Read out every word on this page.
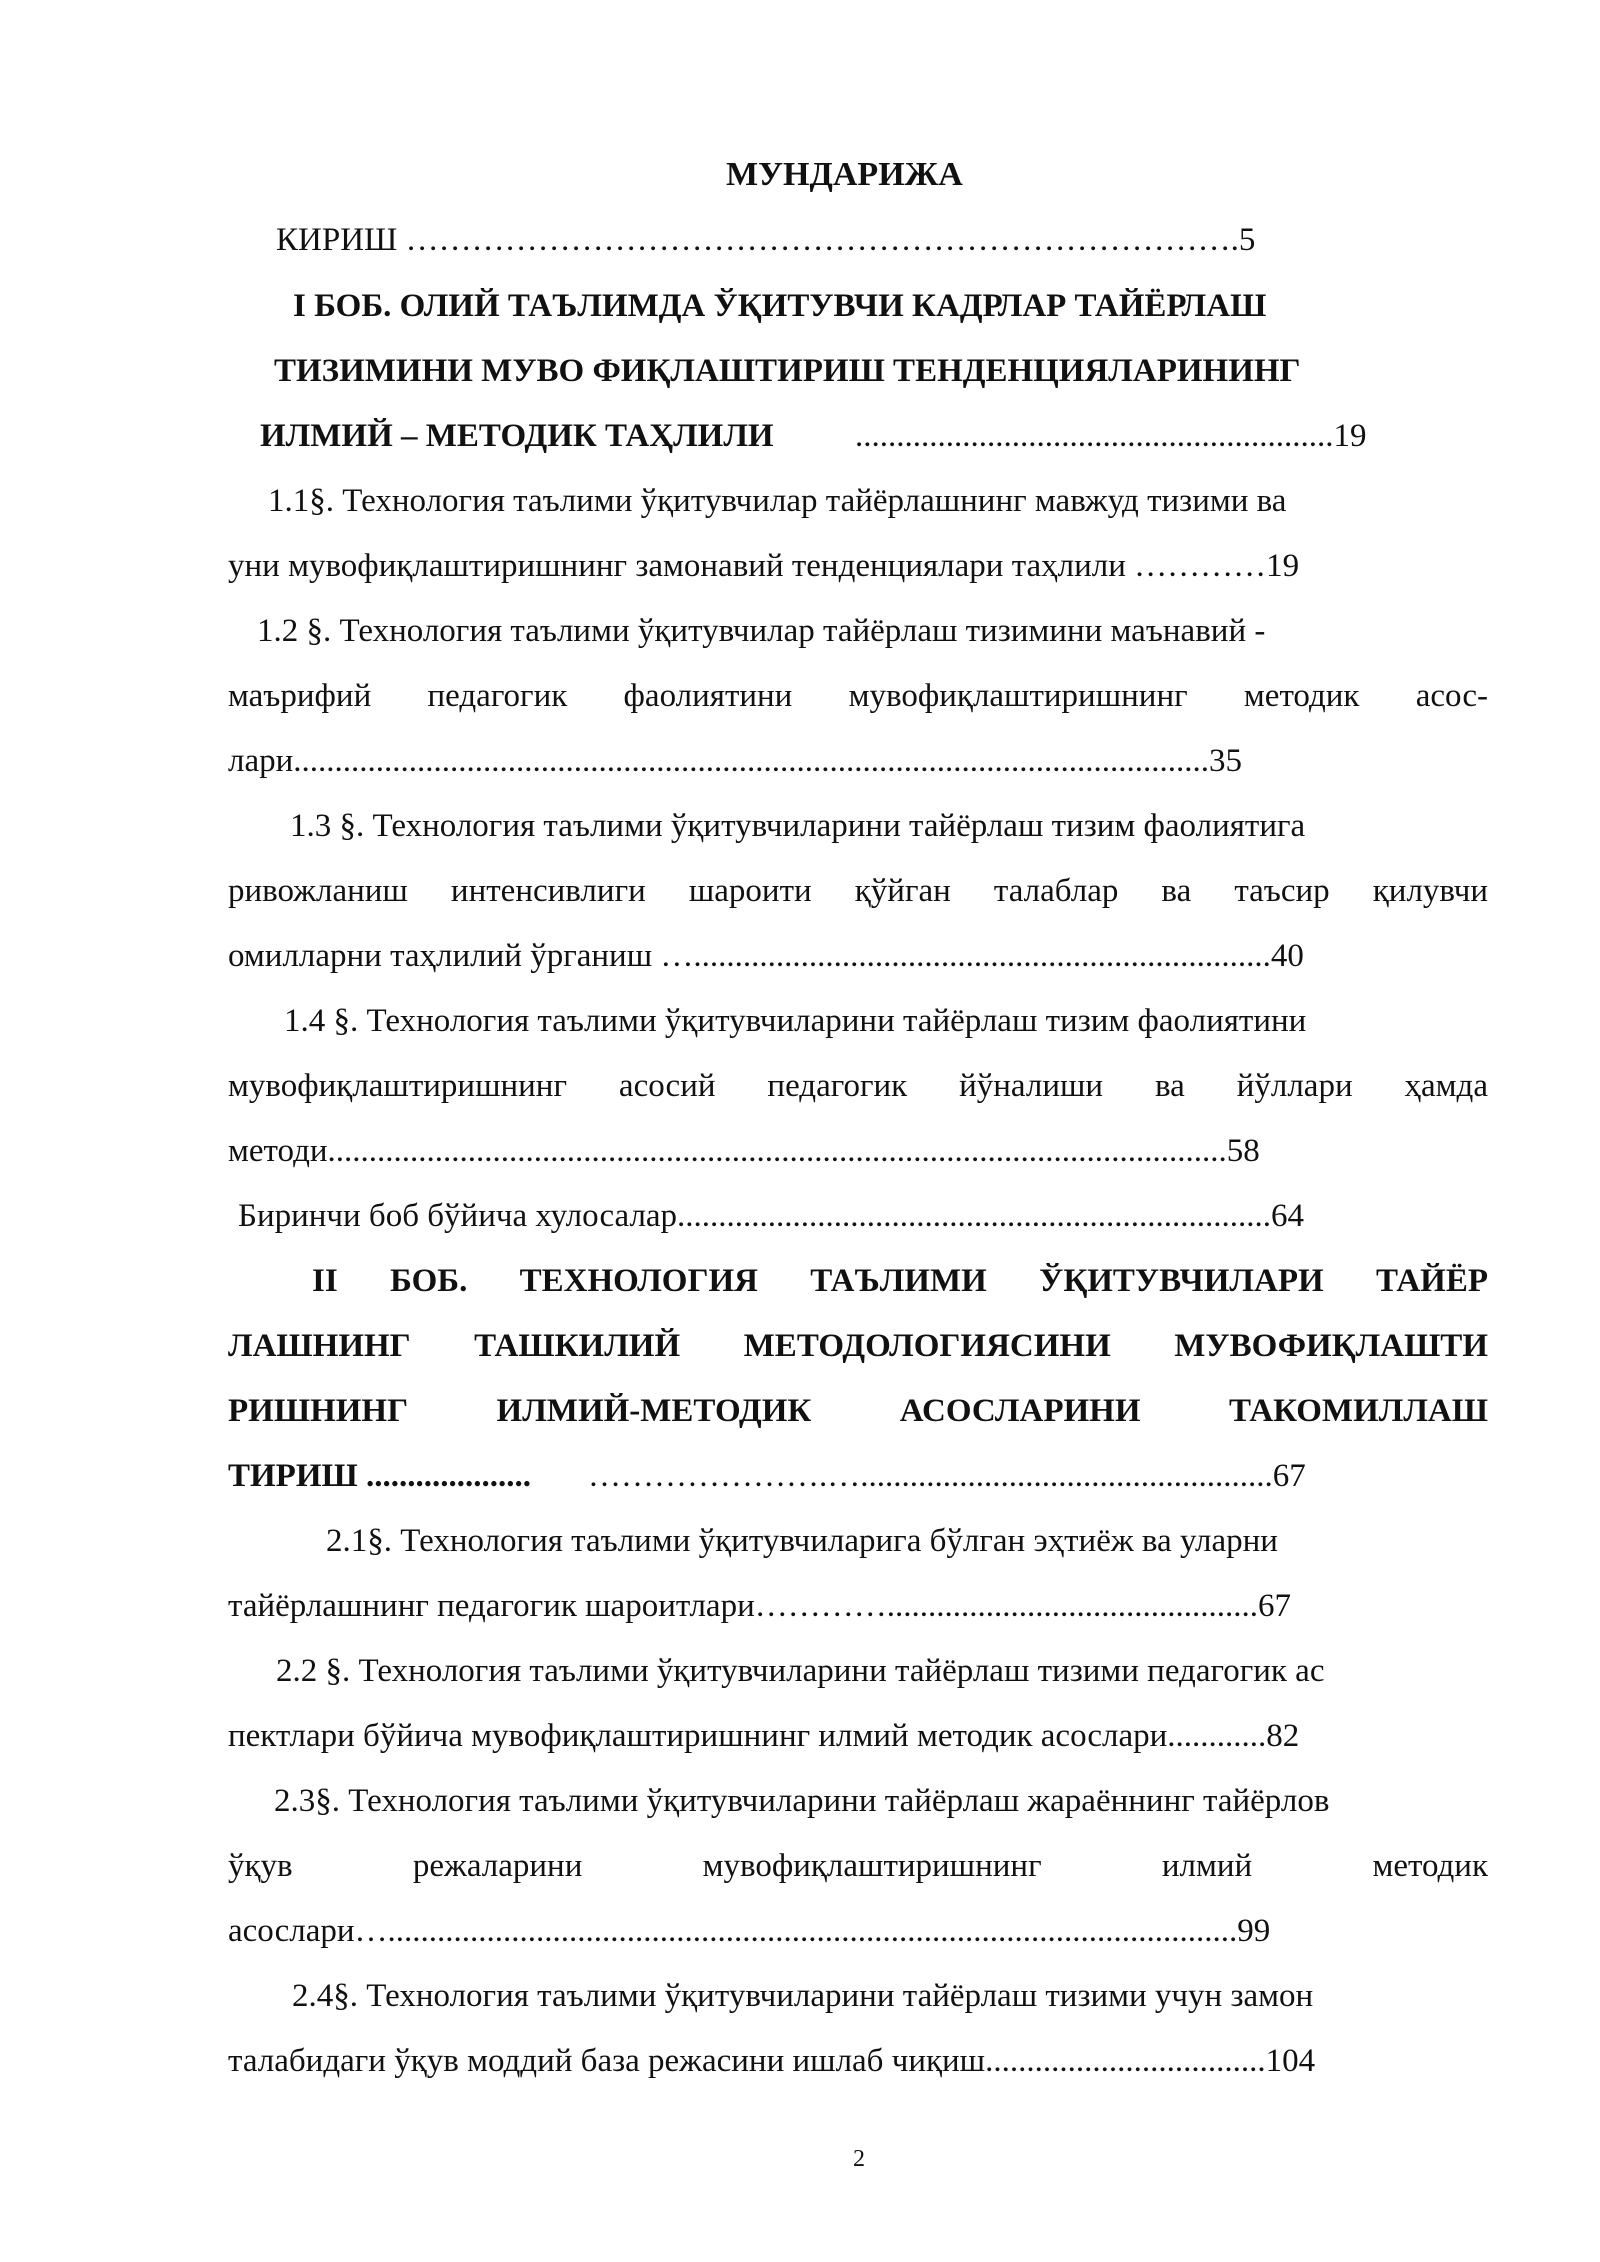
МУНДАРИЖА
КИРИШ ………………………………………………………………….5
I БОБ. ОЛИЙ ТАЪЛИМДА ЎҚИТУВЧИ КАДРЛАР ТАЙЁРЛАШ
ТИЗИМИНИ МУВО ФИҚЛАШТИРИШ ТЕНДЕНЦИЯЛАРИНИНГ
ИЛМИЙ – МЕТОДИК ТАҲЛИЛИ ..........................................................19
1.1§. Технология таълими ўқитувчилар тайёрлашнинг мавжуд тизими ва
уни мувофиқлаштиришнинг замонавий тенденциялари таҳлили …………19
1.2 §. Технология таълими ўқитувчилар тайёрлаш тизимини маънавий -
маърифий педагогик фаолиятини мувофиқлаштиришнинг методик асос-
лари...............................................................................................................35
1.3 §. Технология таълими ўқитувчиларини тайёрлаш тизим фаолиятига
ривожланиш интенсивлиги шароити қўйган талаблар ва таъсир қилувчи
омилларни таҳлилий ўрганиш …......................................................................40
1.4 §. Технология таълими ўқитувчиларини тайёрлаш тизим фаолиятини
мувофиқлаштиришнинг асосий педагогик йўналиши ва йўллари ҳамда
методи.............................................................................................................58
Биринчи боб бўйича хулосалар........................................................................64
II БОБ. ТЕХНОЛОГИЯ ТАЪЛИМИ ЎҚИТУВЧИЛАРИ ТАЙЁР
ЛАШНИНГ ТАШКИЛИЙ МЕТОДОЛОГИЯСИНИ МУВОФИҚЛАШТИ
РИШНИНГ ИЛМИЙ-МЕТОДИК АСОСЛАРИНИ ТАКОМИЛЛАШ
ТИРИШ .................... ………………….…..................................................67
2.1§. Технология таълими ўқитувчиларига бўлган эҳтиёж ва уларни
тайёрлашнинг педагогик шароитлари………….............................................67
2.2 §. Технология таълими ўқитувчиларини тайёрлаш тизими педагогик ас
пектлари бўйича мувофиқлаштиришнинг илмий методик асослари............82
2.3§. Технология таълими ўқитувчиларини тайёрлаш жараённинг тайёрлов
ўқув режаларини мувофиқлаштиришнинг илмий методик
асослари….......................................................................................................99
2.4§. Технология таълими ўқитувчиларини тайёрлаш тизими учун замон
талабидаги ўқув моддий база режасини ишлаб чиқиш..................................104
2
